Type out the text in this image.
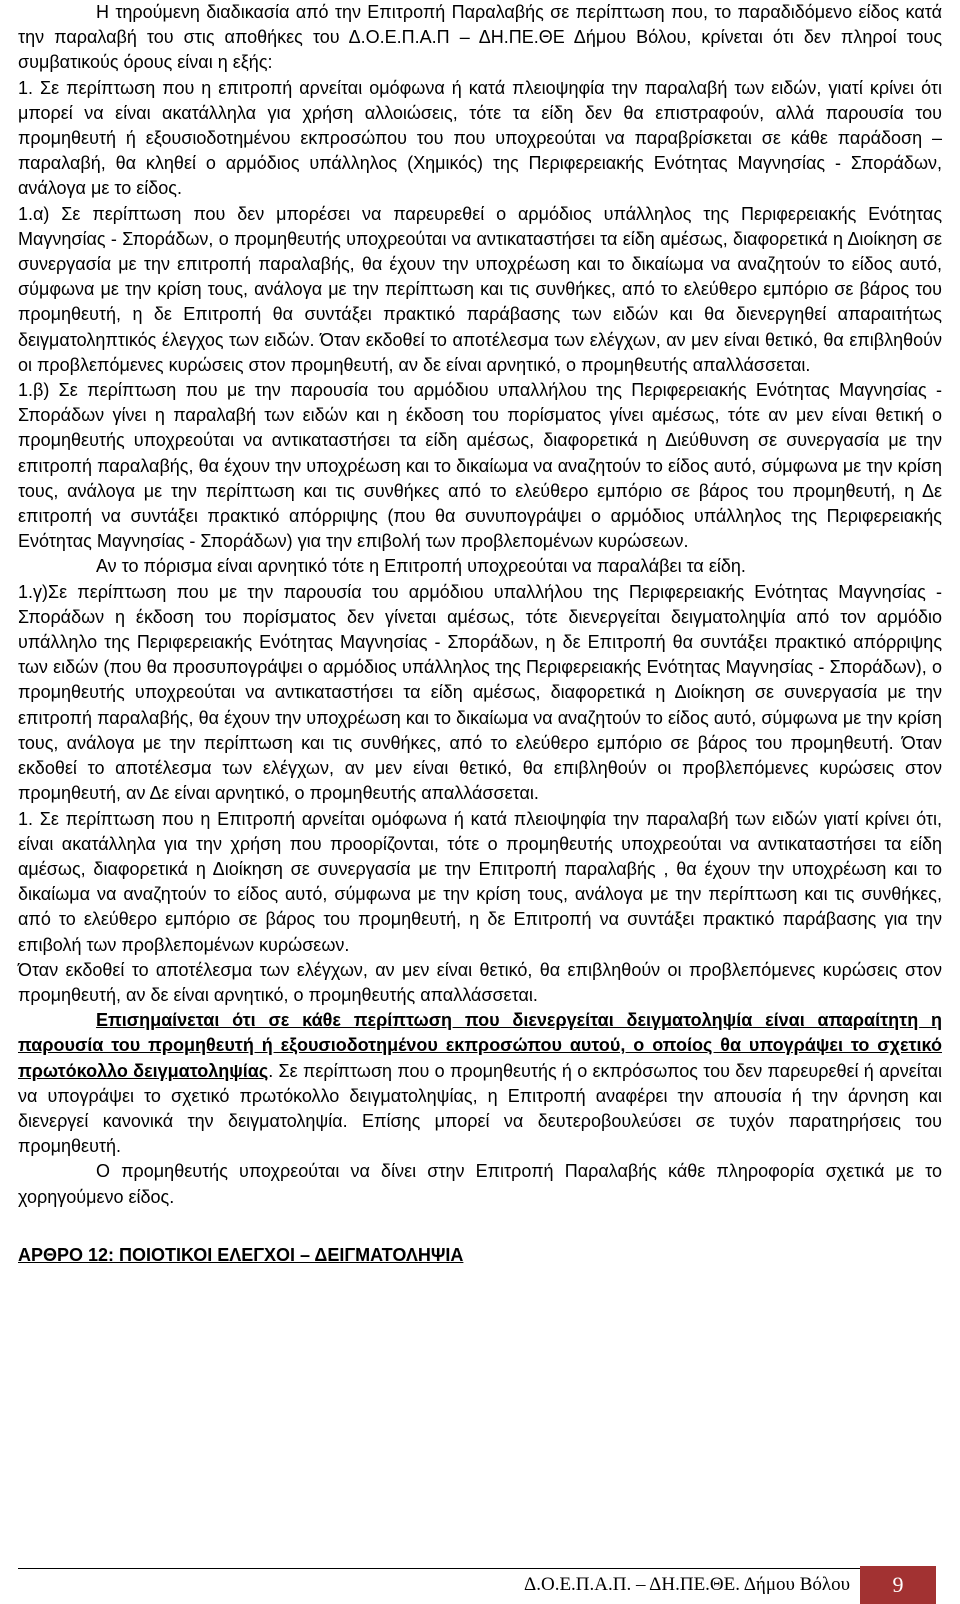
Η τηρούμενη διαδικασία από την Επιτροπή Παραλαβής σε περίπτωση που, το παραδιδόμενο είδος κατά την παραλαβή του στις αποθήκες του Δ.Ο.Ε.Π.Α.Π – ΔΗ.ΠΕ.ΘΕ Δήμου Βόλου, κρίνεται ότι δεν πληροί τους συμβατικούς όρους είναι η εξής:

1. Σε περίπτωση που η επιτροπή αρνείται ομόφωνα ή κατά πλειοψηφία την παραλαβή των ειδών, γιατί κρίνει ότι μπορεί να είναι ακατάλληλα για χρήση αλλοιώσεις, τότε τα είδη δεν θα επιστραφούν, αλλά παρουσία του προμηθευτή ή εξουσιοδοτημένου εκπροσώπου του που υποχρεούται να παραβρίσκεται σε κάθε παράδοση – παραλαβή, θα κληθεί ο αρμόδιος υπάλληλος (Χημικός) της Περιφερειακής Ενότητας Μαγνησίας - Σποράδων, ανάλογα με το είδος.

1.α) Σε περίπτωση που δεν μπορέσει να παρευρεθεί ο αρμόδιος υπάλληλος της Περιφερειακής Ενότητας Μαγνησίας - Σποράδων, ο προμηθευτής υποχρεούται να αντικαταστήσει τα είδη αμέσως, διαφορετικά η Διοίκηση σε συνεργασία με την επιτροπή παραλαβής, θα έχουν την υποχρέωση και το δικαίωμα να αναζητούν το είδος αυτό, σύμφωνα με την κρίση τους, ανάλογα με την περίπτωση και τις συνθήκες, από το ελεύθερο εμπόριο σε βάρος του προμηθευτή, η δε Επιτροπή θα συντάξει πρακτικό παράβασης των ειδών και θα διενεργηθεί απαραιτήτως δειγματοληπτικός έλεγχος των ειδών. Όταν εκδοθεί το αποτέλεσμα των ελέγχων, αν μεν είναι θετικό, θα επιβληθούν οι προβλεπόμενες κυρώσεις στον προμηθευτή, αν δε είναι αρνητικό, ο προμηθευτής απαλλάσσεται.

1.β) Σε περίπτωση που με την παρουσία του αρμόδιου υπαλλήλου της Περιφερειακής Ενότητας Μαγνησίας - Σποράδων γίνει η παραλαβή των ειδών και η έκδοση του πορίσματος γίνει αμέσως, τότε αν μεν είναι θετική ο προμηθευτής υποχρεούται να αντικαταστήσει τα είδη αμέσως, διαφορετικά η Διεύθυνση σε συνεργασία με την επιτροπή παραλαβής, θα έχουν την υποχρέωση και το δικαίωμα να αναζητούν το είδος αυτό, σύμφωνα με την κρίση τους, ανάλογα με την περίπτωση και τις συνθήκες από το ελεύθερο εμπόριο σε βάρος του προμηθευτή, η Δε επιτροπή να συντάξει πρακτικό απόρριψης (που θα συνυπογράψει ο αρμόδιος υπάλληλος της Περιφερειακής Ενότητας Μαγνησίας - Σποράδων) για την επιβολή των προβλεπομένων κυρώσεων.

Αν το πόρισμα είναι αρνητικό τότε η Επιτροπή υποχρεούται να παραλάβει τα είδη.

1.γ)Σε περίπτωση που με την παρουσία του αρμόδιου υπαλλήλου της Περιφερειακής Ενότητας Μαγνησίας - Σποράδων η έκδοση του πορίσματος δεν γίνεται αμέσως, τότε διενεργείται δειγματοληψία από τον αρμόδιο υπάλληλο της Περιφερειακής Ενότητας Μαγνησίας - Σποράδων, η δε Επιτροπή θα συντάξει πρακτικό απόρριψης των ειδών (που θα προσυπογράψει ο αρμόδιος υπάλληλος της Περιφερειακής Ενότητας Μαγνησίας - Σποράδων), ο προμηθευτής υποχρεούται να αντικαταστήσει τα είδη αμέσως, διαφορετικά η Διοίκηση σε συνεργασία με την επιτροπή παραλαβής, θα έχουν την υποχρέωση και το δικαίωμα να αναζητούν το είδος αυτό, σύμφωνα με την κρίση τους, ανάλογα με την περίπτωση και τις συνθήκες, από το ελεύθερο εμπόριο σε βάρος του προμηθευτή. Όταν εκδοθεί το αποτέλεσμα των ελέγχων, αν μεν είναι θετικό, θα επιβληθούν οι προβλεπόμενες κυρώσεις στον προμηθευτή, αν Δε είναι αρνητικό, ο προμηθευτής απαλλάσσεται.

1. Σε περίπτωση που η Επιτροπή αρνείται ομόφωνα ή κατά πλειοψηφία την παραλαβή των ειδών γιατί κρίνει ότι, είναι ακατάλληλα για την χρήση που προορίζονται, τότε ο προμηθευτής υποχρεούται να αντικαταστήσει τα είδη αμέσως, διαφορετικά η Διοίκηση σε συνεργασία με την Επιτροπή παραλαβής , θα έχουν την υποχρέωση και το δικαίωμα να αναζητούν το είδος αυτό, σύμφωνα με την κρίση τους, ανάλογα με την περίπτωση και τις συνθήκες, από το ελεύθερο εμπόριο σε βάρος του προμηθευτή, η δε Επιτροπή να συντάξει πρακτικό παράβασης για την επιβολή των προβλεπομένων κυρώσεων.

Όταν εκδοθεί το αποτέλεσμα των ελέγχων, αν μεν είναι θετικό, θα επιβληθούν οι προβλεπόμενες κυρώσεις στον προμηθευτή, αν δε είναι αρνητικό, ο προμηθευτής απαλλάσσεται.

Επισημαίνεται ότι σε κάθε περίπτωση που διενεργείται δειγματοληψία είναι απαραίτητη η παρουσία του προμηθευτή ή εξουσιοδοτημένου εκπροσώπου αυτού, ο οποίος θα υπογράψει το σχετικό πρωτόκολλο δειγματοληψίας. Σε περίπτωση που ο προμηθευτής ή ο εκπρόσωπος του δεν παρευρεθεί ή αρνείται να υπογράψει το σχετικό πρωτόκολλο δειγματοληψίας, η Επιτροπή αναφέρει την απουσία ή την άρνηση και διενεργεί κανονικά την δειγματοληψία. Επίσης μπορεί να δευτεροβουλεύσει σε τυχόν παρατηρήσεις του προμηθευτή.

Ο προμηθευτής υποχρεούται να δίνει στην Επιτροπή Παραλαβής κάθε πληροφορία σχετικά με το χορηγούμενο είδος.

ΑΡΘΡΟ 12: ΠΟΙΟΤΙΚΟΙ ΕΛΕΓΧΟΙ – ΔΕΙΓΜΑΤΟΛΗΨΙΑ

Δ.Ο.Ε.Π.Α.Π. – ΔΗ.ΠΕ.ΘΕ. Δήμου Βόλου 9
